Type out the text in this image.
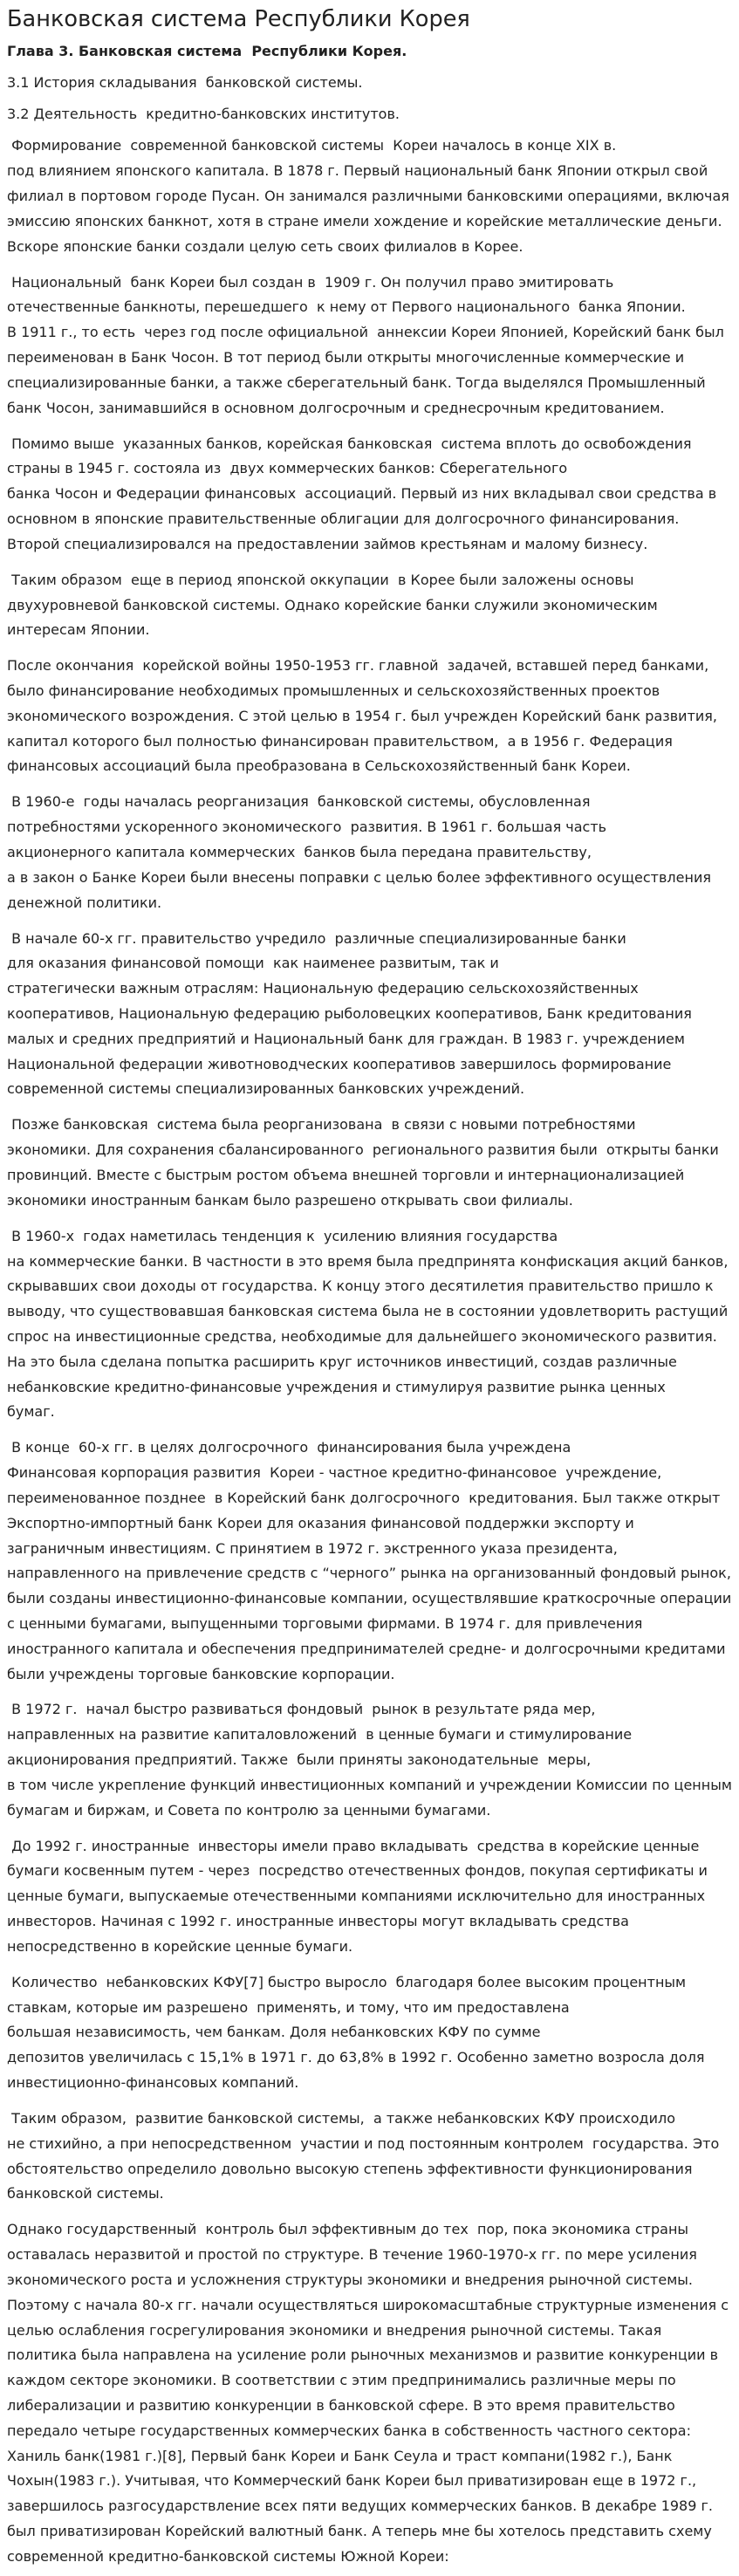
Банковская система Республики Корея
Глава 3. Банковская система  Республики Корея.
3.1 История складывания  банковской системы.
3.2 Деятельность  кредитно-банковских институтов.
Формирование  современной банковской системы  Кореи началось в конце XIX в.
под влиянием японского капитала. В 1878 г. Первый национальный банк Японии открыл свой
филиал в портовом городе Пусан. Он занимался различными банковскими операциями, включая
эмиссию японских банкнот, хотя в стране имели хождение и корейские металлические деньги.
Вскоре японские банки создали целую сеть своих филиалов в Корее.
Национальный  банк Кореи был создан в  1909 г. Он получил право эмитировать
отечественные банкноты, перешедшего  к нему от Первого национального  банка Японии.
В 1911 г., то есть  через год после официальной  аннексии Кореи Японией, Корейский банк был
переименован в Банк Чосон. В тот период были открыты многочисленные коммерческие и
специализированные банки, а также сберегательный банк. Тогда выделялся Промышленный
банк Чосон, занимавшийся в основном долгосрочным и среднесрочным кредитованием.
Помимо выше  указанных банков, корейская банковская  система вплоть до освобождения
страны в 1945 г. состояла из  двух коммерческих банков: Сберегательного
банка Чосон и Федерации финансовых  ассоциаций. Первый из них вкладывал свои средства в
основном в японские правительственные облигации для долгосрочного финансирования.
Второй специализировался на предоставлении займов крестьянам и малому бизнесу.
Таким образом  еще в период японской оккупации  в Корее были заложены основы
двухуровневой банковской системы. Однако корейские банки служили экономическим
интересам Японии.
После окончания  корейской войны 1950-1953 гг. главной  задачей, вставшей перед банками,
было финансирование необходимых промышленных и сельскохозяйственных проектов
экономического возрождения. С этой целью в 1954 г. был учрежден Корейский банк развития,
капитал которого был полностью финансирован правительством,  а в 1956 г. Федерация
финансовых ассоциаций была преобразована в Сельскохозяйственный банк Кореи.
В 1960-е  годы началась реорганизация  банковской системы, обусловленная
потребностями ускоренного экономического  развития. В 1961 г. большая часть
акционерного капитала коммерческих  банков была передана правительству,
а в закон о Банке Кореи были внесены поправки с целью более эффективного осуществления
денежной политики.
В начале 60-х гг. правительство учредило  различные специализированные банки
для оказания финансовой помощи  как наименее развитым, так и
стратегически важным отраслям: Национальную федерацию сельскохозяйственных
кооперативов, Национальную федерацию рыболовецких кооперативов, Банк кредитования
малых и средних предприятий и Национальный банк для граждан. В 1983 г. учреждением
Национальной федерации животноводческих кооперативов завершилось формирование
современной системы специализированных банковских учреждений.
Позже банковская  система была реорганизована  в связи с новыми потребностями
экономики. Для сохранения сбалансированного  регионального развития были  открыты банки
провинций. Вместе с быстрым ростом объема внешней торговли и интернационализацией
экономики иностранным банкам было разрешено открывать свои филиалы.
В 1960-х  годах наметилась тенденция к  усилению влияния государства
на коммерческие банки. В частности в это время была предпринята конфискация акций банков,
скрывавших свои доходы от государства. К концу этого десятилетия правительство пришло к
выводу, что существовавшая банковская система была не в состоянии удовлетворить растущий
спрос на инвестиционные средства, необходимые для дальнейшего экономического развития.
На это была сделана попытка расширить круг источников инвестиций, создав различные
небанковские кредитно-финансовые учреждения и стимулируя развитие рынка ценных
бумаг.
В конце  60-х гг. в целях долгосрочного  финансирования была учреждена
Финансовая корпорация развития  Кореи - частное кредитно-финансовое  учреждение,
переименованное позднее  в Корейский банк долгосрочного  кредитования. Был также открыт
Экспортно-импортный банк Кореи для оказания финансовой поддержки экспорту и
заграничным инвестициям. С принятием в 1972 г. экстренного указа президента,
направленного на привлечение средств с “черного” рынка на организованный фондовый рынок,
были созданы инвестиционно-финансовые компании, осуществлявшие краткосрочные операции
с ценными бумагами, выпущенными торговыми фирмами. В 1974 г. для привлечения
иностранного капитала и обеспечения предпринимателей средне- и долгосрочными кредитами
были учреждены торговые банковские корпорации.
В 1972 г.  начал быстро развиваться фондовый  рынок в результате ряда мер,
направленных на развитие капиталовложений  в ценные бумаги и стимулирование
акционирования предприятий. Также  были приняты законодательные  меры,
в том числе укрепление функций инвестиционных компаний и учреждении Комиссии по ценным
бумагам и биржам, и Совета по контролю за ценными бумагами.
До 1992 г. иностранные  инвесторы имели право вкладывать  средства в корейские ценные
бумаги косвенным путем - через  посредство отечественных фондов, покупая сертификаты и
ценные бумаги, выпускаемые отечественными компаниями исключительно для иностранных
инвесторов. Начиная с 1992 г. иностранные инвесторы могут вкладывать средства
непосредственно в корейские ценные бумаги.
Количество  небанковских КФУ[7] быстро выросло  благодаря более высоким процентным
ставкам, которые им разрешено  применять, и тому, что им предоставлена
большая независимость, чем банкам. Доля небанковских КФУ по сумме
депозитов увеличилась с 15,1% в 1971 г. до 63,8% в 1992 г. Особенно заметно возросла доля
инвестиционно-финансовых компаний.
Таким образом,  развитие банковской системы,  а также небанковских КФУ происходило
не стихийно, а при непосредственном  участии и под постоянным контролем  государства. Это
обстоятельство определило довольно высокую степень эффективности функционирования
банковской системы.
Однако государственный  контроль был эффективным до тех  пор, пока экономика страны
оставалась неразвитой и простой по структуре. В течение 1960-1970-х гг. по мере усиления
экономического роста и усложнения структуры экономики и внедрения рыночной системы.
Поэтому с начала 80-х гг. начали осуществляться широкомасштабные структурные изменения с
целью ослабления госрегулирования экономики и внедрения рыночной системы. Такая
политика была направлена на усиление роли рыночных механизмов и развитие конкуренции в
каждом секторе экономики. В соответствии с этим предпринимались различные меры по
либерализации и развитию конкуренции в банковской сфере. В это время правительство
передало четыре государственных коммерческих банка в собственность частного сектора:
Ханиль банк(1981 г.)[8], Первый банк Кореи и Банк Сеула и траст компани(1982 г.), Банк
Чохын(1983 г.). Учитывая, что Коммерческий банк Кореи был приватизирован еще в 1972 г.,
завершилось разгосударствление всех пяти ведущих коммерческих банков. В декабре 1989 г.
был приватизирован Корейский валютный банк. А теперь мне бы хотелось представить схему
современной кредитно-банковской системы Южной Кореи:
